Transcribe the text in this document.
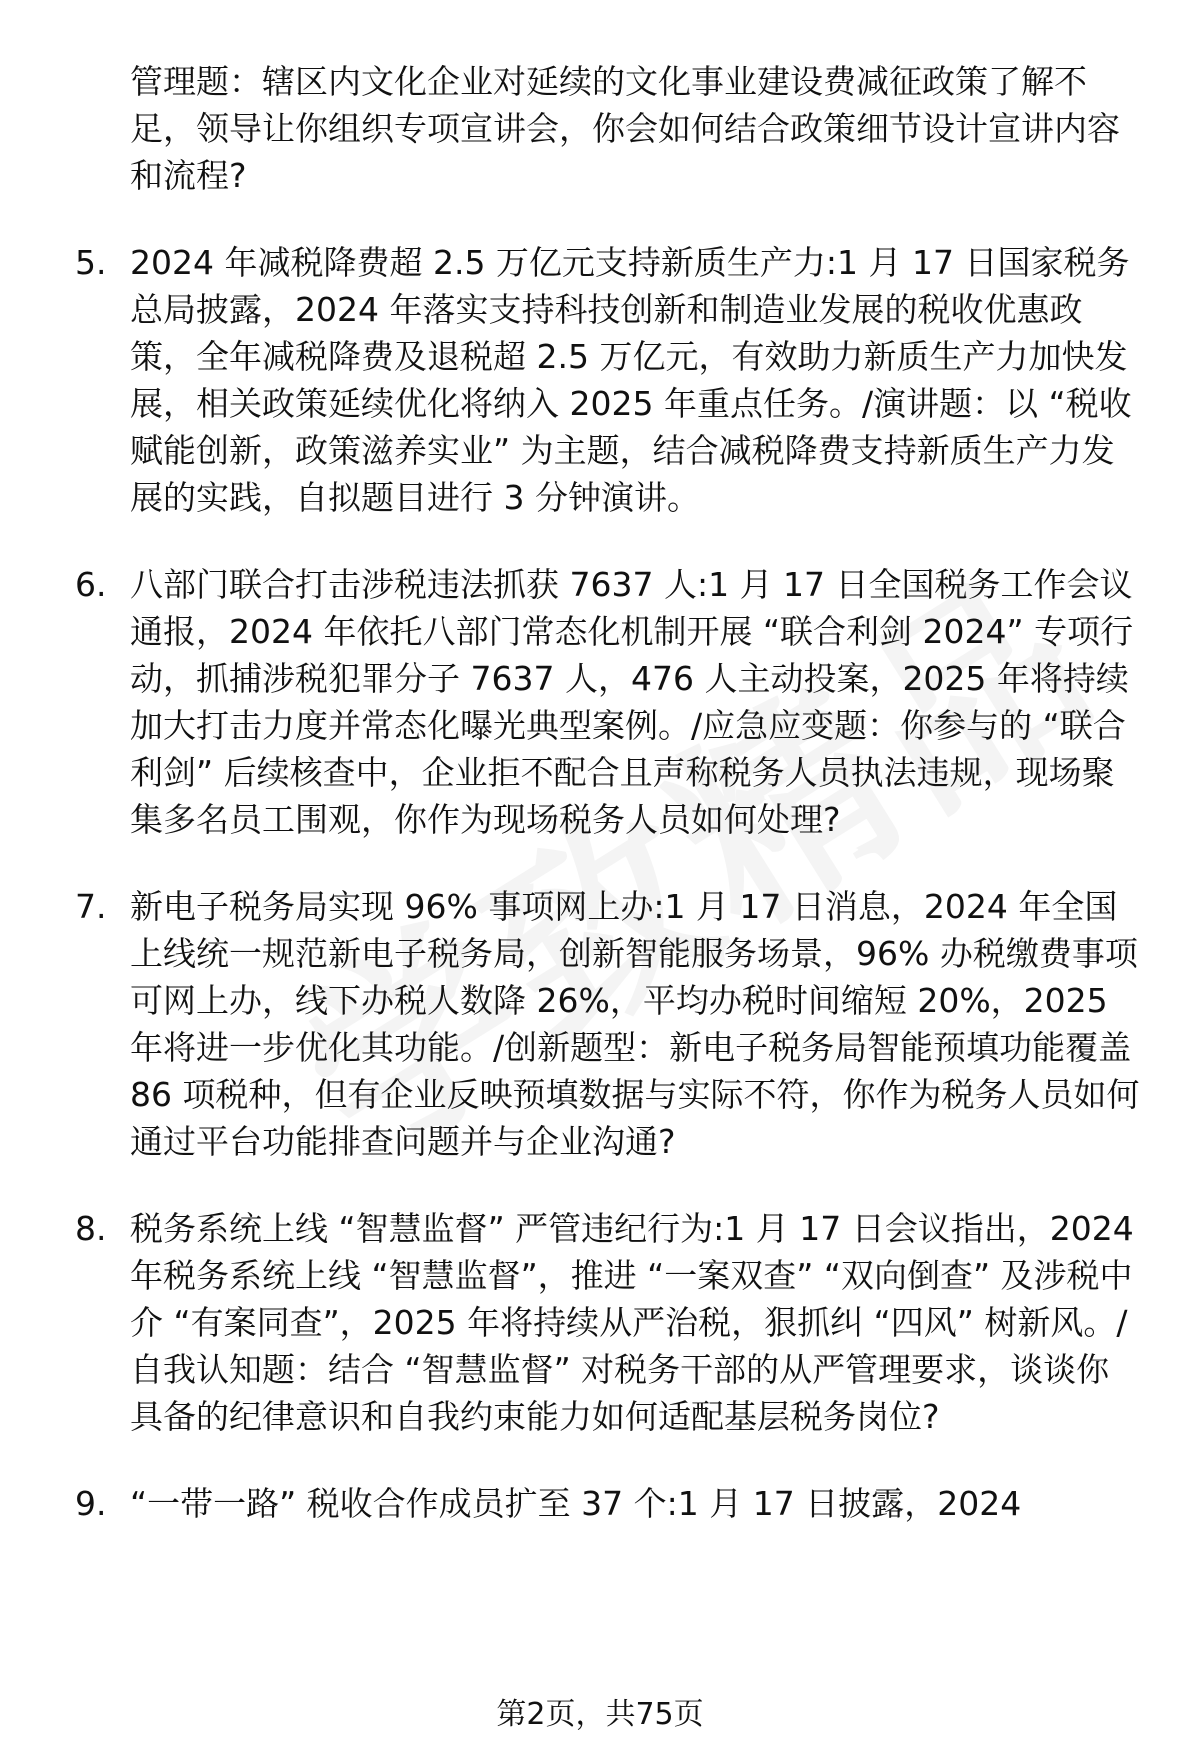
管理题：辖区内文化企业对延续的文化事业建设费减征政策了解不足，领导让你组织专项宣讲会，你会如何结合政策细节设计宣讲内容和流程?
5. 2024 年减税降费超 2.5 万亿元支持新质生产力:1 月 17 日国家税务总局披露，2024 年落实支持科技创新和制造业发展的税收优惠政策，全年减税降费及退税超 2.5 万亿元，有效助力新质生产力加快发展，相关政策延续优化将纳入 2025 年重点任务。/演讲题：以 “税收赋能创新，政策滋养实业” 为主题，结合减税降费支持新质生产力发展的实践，自拟题目进行 3 分钟演讲。
6. 八部门联合打击涉税违法抓获 7637 人:1 月 17 日全国税务工作会议通报，2024 年依托八部门常态化机制开展 “联合利剑 2024” 专项行动，抓捕涉税犯罪分子 7637 人，476 人主动投案，2025 年将持续加大打击力度并常态化曝光典型案例。/应急应变题：你参与的 “联合利剑” 后续核查中，企业拒不配合且声称税务人员执法违规，现场聚集多名员工围观，你作为现场税务人员如何处理?
7. 新电子税务局实现 96% 事项网上办:1 月 17 日消息，2024 年全国上线统一规范新电子税务局，创新智能服务场景，96% 办税缴费事项可网上办，线下办税人数降 26%，平均办税时间缩短 20%，2025 年将进一步优化其功能。/创新题型：新电子税务局智能预填功能覆盖 86 项税种，但有企业反映预填数据与实际不符，你作为税务人员如何通过平台功能排查问题并与企业沟通?
8. 税务系统上线 “智慧监督” 严管违纪行为:1 月 17 日会议指出，2024 年税务系统上线 “智慧监督”，推进 “一案双查” “双向倒查” 及涉税中介 “有案同查”，2025 年将持续从严治税，狠抓纠 “四风” 树新风。/自我认知题：结合 “智慧监督” 对税务干部的从严管理要求，谈谈你具备的纪律意识和自我约束能力如何适配基层税务岗位?
9. “一带一路” 税收合作成员扩至 37 个:1 月 17 日披露，2024
第2页，共75页
